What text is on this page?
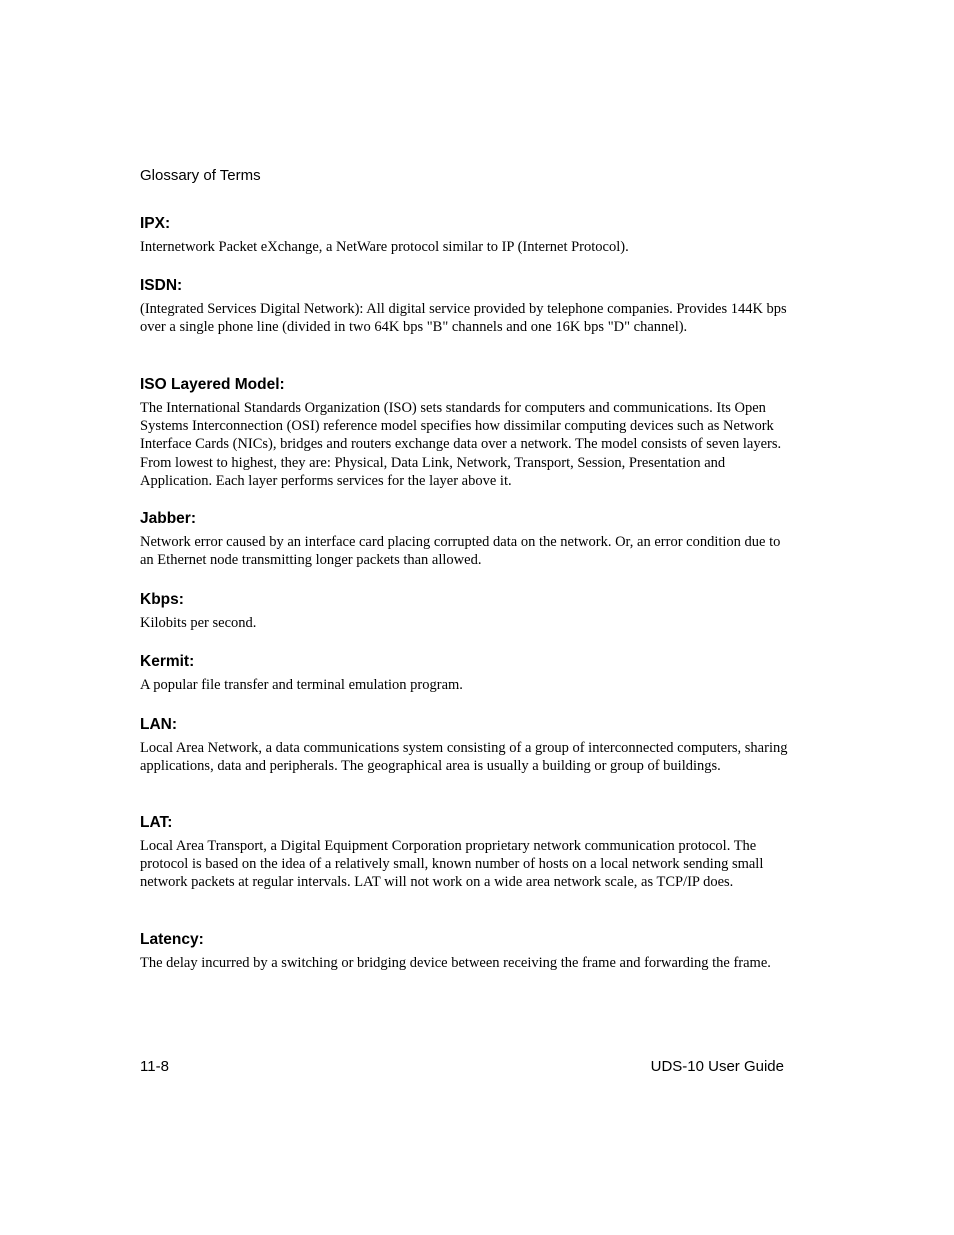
Glossary of Terms

IPX:

Internetwork Packet eXchange, a NetWare protocol similar to IP (Internet Protocol).

ISDN:

(Integrated Services Digital Network): All digital service provided by telephone companies. Provides 144K bps over a single phone line (divided in two 64K bps "B" channels and one 16K bps "D" channel).

ISO Layered Model:

The International Standards Organization (ISO) sets standards for computers and communications. Its Open Systems Interconnection (OSI) reference model specifies how dissimilar computing devices such as Network Interface Cards (NICs), bridges and routers exchange data over a network. The model consists of seven layers. From lowest to highest, they are: Physical, Data Link, Network, Transport, Session, Presentation and Application. Each layer performs services for the layer above it.

Jabber:

Network error caused by an interface card placing corrupted data on the network. Or, an error condition due to an Ethernet node transmitting longer packets than allowed.

Kbps:

Kilobits per second.

Kermit:

A popular file transfer and terminal emulation program.

LAN:

Local Area Network, a data communications system consisting of a group of interconnected computers, sharing applications, data and peripherals. The geographical area is usually a building or group of buildings.

LAT:

Local Area Transport, a Digital Equipment Corporation proprietary network communication protocol. The protocol is based on the idea of a relatively small, known number of hosts on a local network sending small network packets at regular intervals. LAT will not work on a wide area network scale, as TCP/IP does.

Latency:

The delay incurred by a switching or bridging device between receiving the frame and forwarding the frame.

11-8	UDS-10 User Guide
